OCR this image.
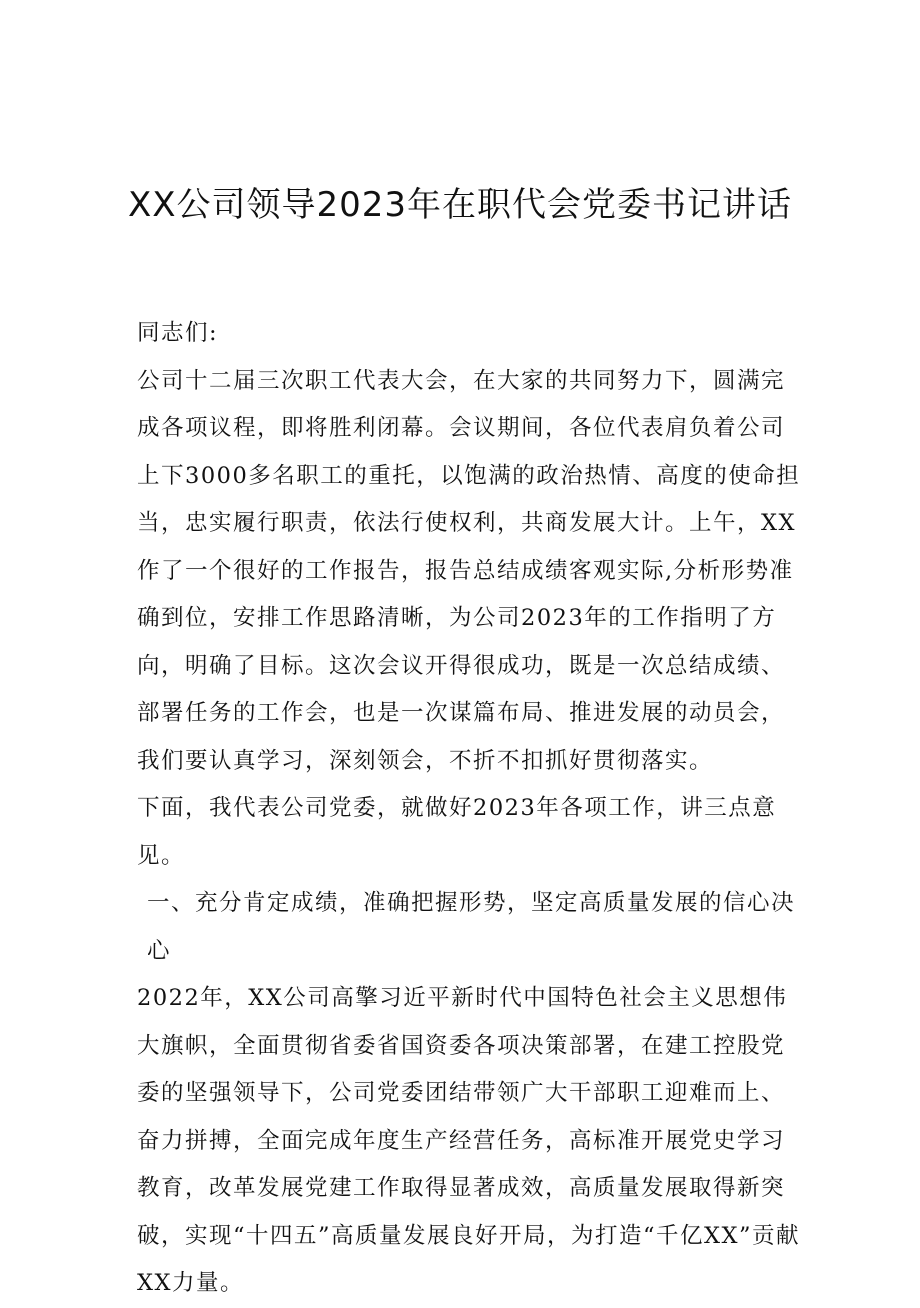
XX公司领导2023年在职代会党委书记讲话

同志们:

公司十二届三次职工代表大会，在大家的共同努力下，圆满完成各项议程，即将胜利闭幕。会议期间，各位代表肩负着公司上下3000多名职工的重托，以饱满的政治热情、高度的使命担当，忠实履行职责，依法行使权利，共商发展大计。上午，XX作了一个很好的工作报告，报告总结成绩客观实际,分析形势准确到位，安排工作思路清晰，为公司2023年的工作指明了方向，明确了目标。这次会议开得很成功，既是一次总结成绩、部署任务的工作会，也是一次谋篇布局、推进发展的动员会，我们要认真学习，深刻领会，不折不扣抓好贯彻落实。

下面，我代表公司党委，就做好2023年各项工作，讲三点意见。

一、充分肯定成绩，准确把握形势，坚定高质量发展的信心决心

2022年，XX公司高擎习近平新时代中国特色社会主义思想伟大旗帜，全面贯彻省委省国资委各项决策部署，在建工控股党委的坚强领导下，公司党委团结带领广大干部职工迎难而上、奋力拼搏，全面完成年度生产经营任务，高标准开展党史学习教育，改革发展党建工作取得显著成效，高质量发展取得新突破，实现“十四五”高质量发展良好开局，为打造“千亿XX”贡献XX力量。
